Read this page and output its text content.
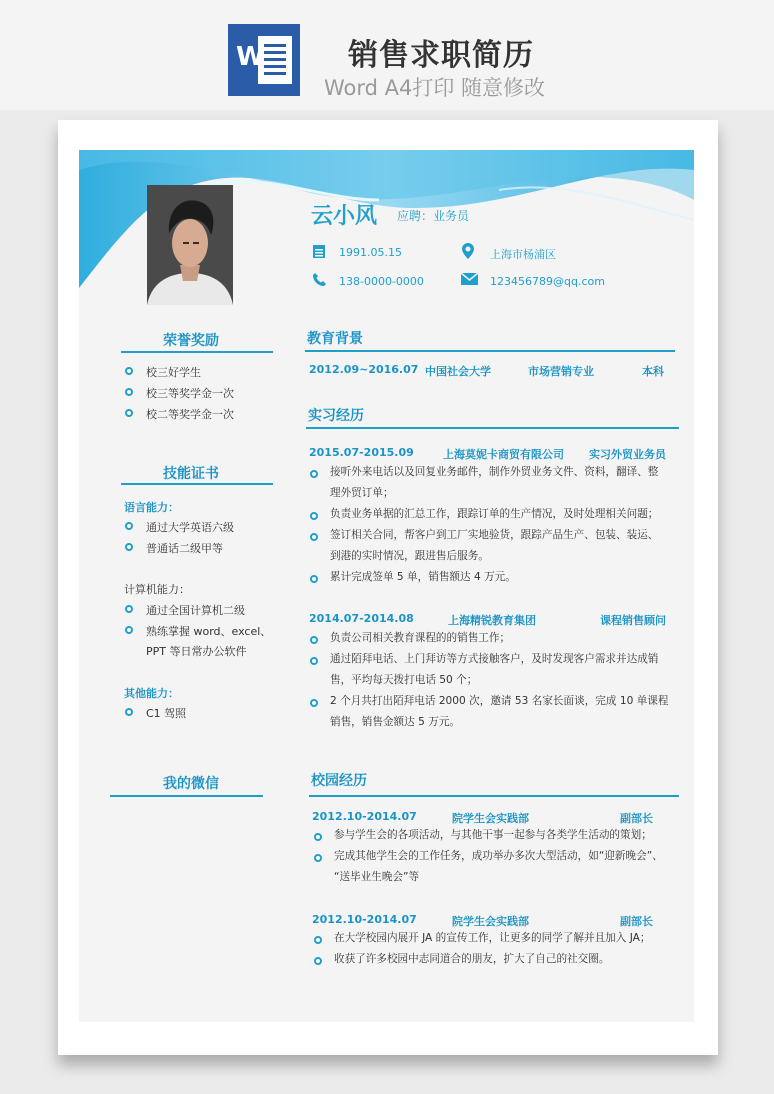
W	销售求职简历
Word A4打印 随意修改
云小风 应聘：业务员
1991.05.15	上海市杨浦区
138-0000-0000	123456789@qq.com
荣誉奖励
校三好学生
校三等奖学金一次
校二等奖学金一次
技能证书
语言能力：
通过大学英语六级
普通话二级甲等
计算机能力：
通过全国计算机二级
熟练掌握 word、excel、
PPT 等日常办公软件
其他能力：
C1 驾照
我的微信
教育背景
2012.09~2016.07 中国社会大学	市场营销专业	本科
实习经历
2015.07-2015.09	上海莫妮卡商贸有限公司 实习外贸业务员
接听外来电话以及回复业务邮件，制作外贸业务文件、资料，翻译、整
理外贸订单；
负责业务单据的汇总工作，跟踪订单的生产情况，及时处理相关问题；
签订相关合同，帮客户到工厂实地验货，跟踪产品生产、包装、装运、
到港的实时情况，跟进售后服务。
累计完成签单 5 单，销售额达 4 万元。
2014.07-2014.08	上海精锐教育集团	课程销售顾问
负责公司相关教育课程的的销售工作；
通过陌拜电话、上门拜访等方式接触客户，及时发现客户需求并达成销
售，平均每天拨打电话 50 个；
2 个月共打出陌拜电话 2000 次，邀请 53 名家长面谈，完成 10 单课程
销售，销售金额达 5 万元。
校园经历
2012.10-2014.07	院学生会实践部	副部长
参与学生会的各项活动，与其他干事一起参与各类学生活动的策划；
完成其他学生会的工作任务，成功举办多次大型活动，如“迎新晚会”、
“送毕业生晚会”等
2012.10-2014.07	院学生会实践部	副部长
在大学校园内展开 JA 的宣传工作，让更多的同学了解并且加入 JA；
收获了许多校园中志同道合的朋友，扩大了自己的社交圈。
